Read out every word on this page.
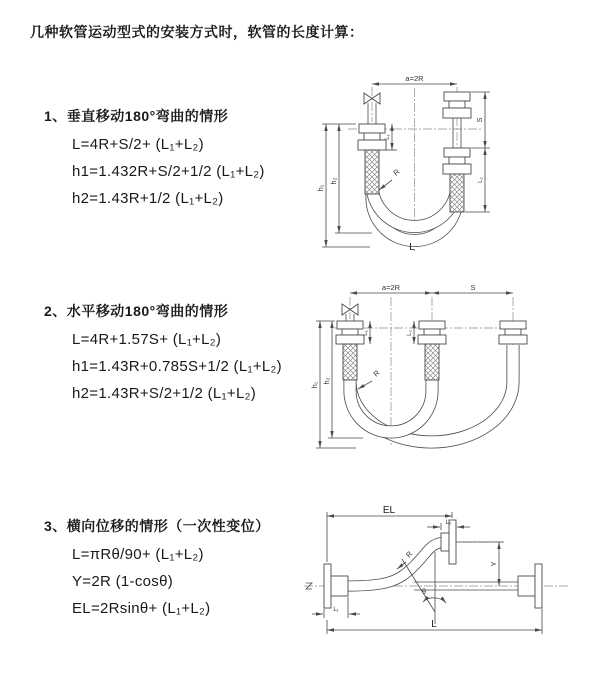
几种软管运动型式的安装方式时，软管的长度计算：
1、垂直移动180°弯曲的情形
L=4R+S/2+ (L₁+L₂)
h1=1.432R+S/2+1/2 (L₁+L₂)
h2=1.43R+1/2 (L₁+L₂)
a=2R
h₁
h₂
S
L₂
L₁
R
L
2、水平移动180°弯曲的情形
L=4R+1.57S+ (L₁+L₂)
h1=1.43R+0.785S+1/2 (L₁+L₂)
h2=1.43R+S/2+1/2 (L₁+L₂)
a=2R	S
h₁
h₂
L₁	L₂
R
3、横向位移的情形（一次性变位）
L=πRθ/90+ (L₁+L₂)
Y=2R (1-cosθ)
EL=2Rsinθ+ (L₁+L₂)
EL
L₂
L₁
L
Y
R
θ
